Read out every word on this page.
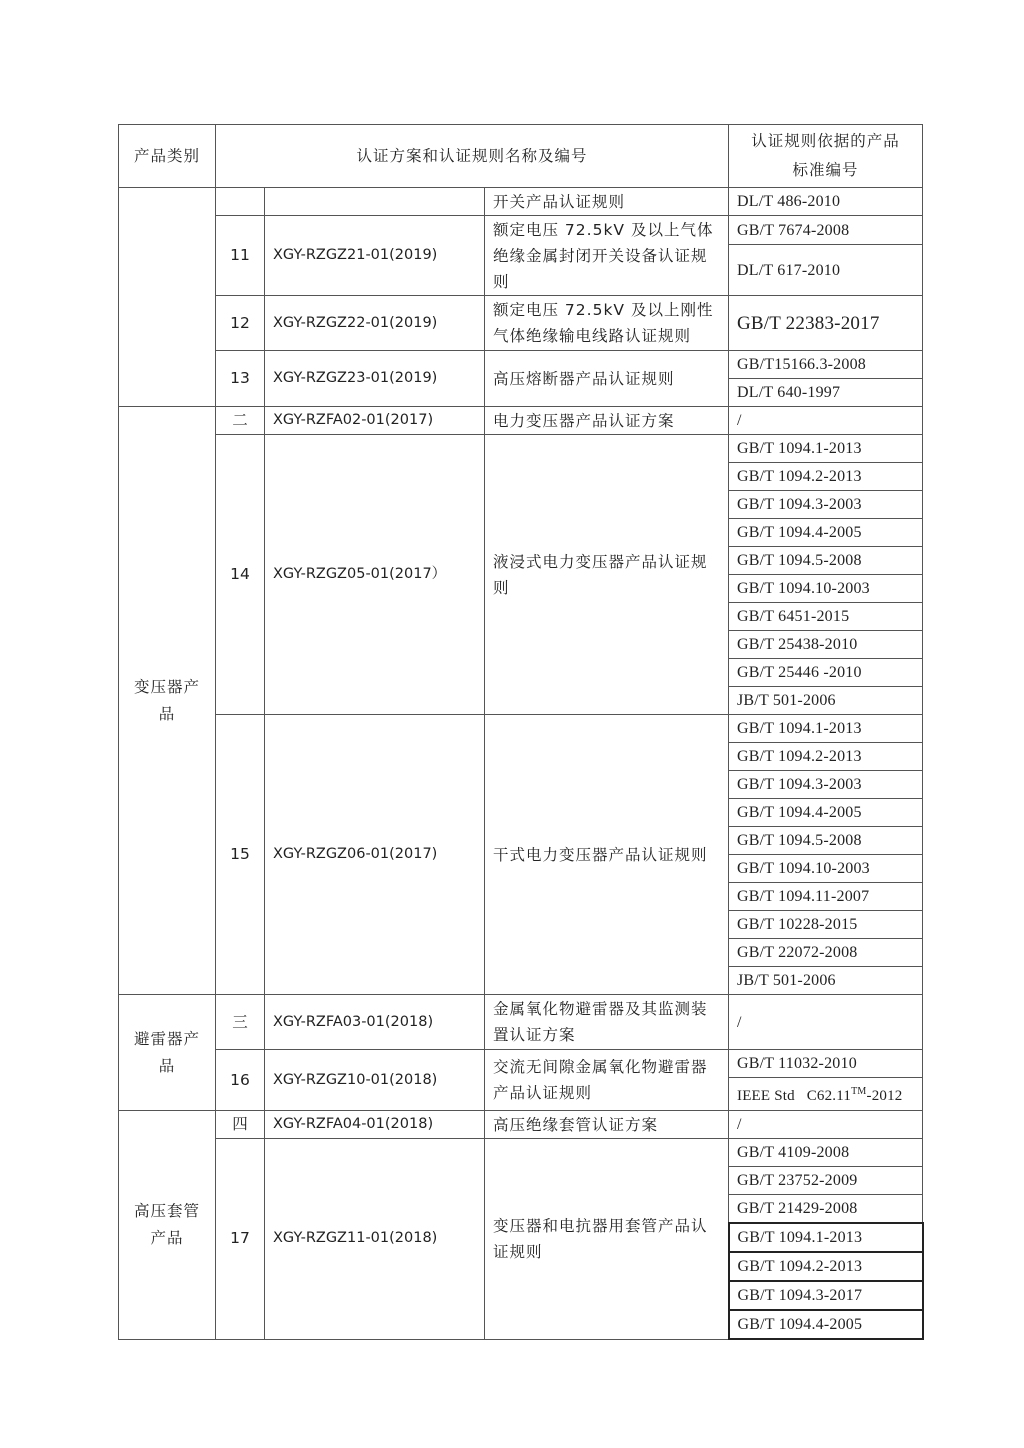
产品类别	认证方案和认证规则名称及编号			认证规则依据的产品
标准编号

			开关产品认证规则	DL/T 486-2010
	11	XGY-RZGZ21-01(2019)	额定电压 72.5kV 及以上气体绝缘金属封闭开关设备认证规则	GB/T 7674-2008
				DL/T 617-2010
	12	XGY-RZGZ22-01(2019)	额定电压 72.5kV 及以上刚性气体绝缘输电线路认证规则	GB/T 22383-2017
	13	XGY-RZGZ23-01(2019)	高压熔断器产品认证规则	GB/T15166.3-2008
				DL/T 640-1997
变压器产品	二	XGY-RZFA02-01(2017)	电力变压器产品认证方案	/
	14	XGY-RZGZ05-01(2017）	液浸式电力变压器产品认证规则	GB/T 1094.1-2013
				GB/T 1094.2-2013
				GB/T 1094.3-2003
				GB/T 1094.4-2005
				GB/T 1094.5-2008
				GB/T 1094.10-2003
				GB/T 6451-2015
				GB/T 25438-2010
				GB/T 25446 -2010
				JB/T 501-2006
	15	XGY-RZGZ06-01(2017)	干式电力变压器产品认证规则	GB/T 1094.1-2013
				GB/T 1094.2-2013
				GB/T 1094.3-2003
				GB/T 1094.4-2005
				GB/T 1094.5-2008
				GB/T 1094.10-2003
				GB/T 1094.11-2007
				GB/T 10228-2015
				GB/T 22072-2008
				JB/T 501-2006
避雷器产品	三	XGY-RZFA03-01(2018)	金属氧化物避雷器及其监测装置认证方案	/
	16	XGY-RZGZ10-01(2018)	交流无间隙金属氧化物避雷器产品认证规则	GB/T 11032-2010
				IEEE Std   C62.11™-2012
高压套管产品	四	XGY-RZFA04-01(2018)	高压绝缘套管认证方案	/
	17	XGY-RZGZ11-01(2018)	变压器和电抗器用套管产品认证规则	GB/T 4109-2008
				GB/T 23752-2009
				GB/T 21429-2008
				GB/T 1094.1-2013
				GB/T 1094.2-2013
				GB/T 1094.3-2017
				GB/T 1094.4-2005
